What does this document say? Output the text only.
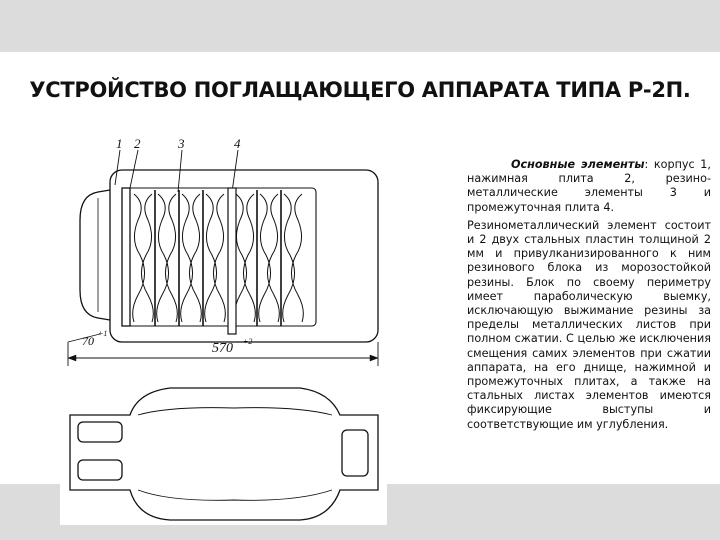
УСТРОЙСТВО ПОГЛАЩАЮЩЕГО АППАРАТА ТИПА Р-2П.
1 2	3	4
570 +2
70
+1

Основные элементы: корпус 1, нажимная плита 2, резино-металлические элементы 3 и промежуточная плита 4.

Резинометаллический элемент состоит и 2 двух стальных пластин толщиной 2 мм и привулканизированного к ним резинового блока из морозостойкой резины. Блок по своему периметру имеет параболическую выемку, исключающую выжимание резины за пределы металлических листов при полном сжатии. С целью же исключения смещения самих элементов при сжатии аппарата, на его днище, нажимной и промежуточных плитах, а также на стальных листах элементов имеются фиксирующие выступы и соответствующие им углубления.
